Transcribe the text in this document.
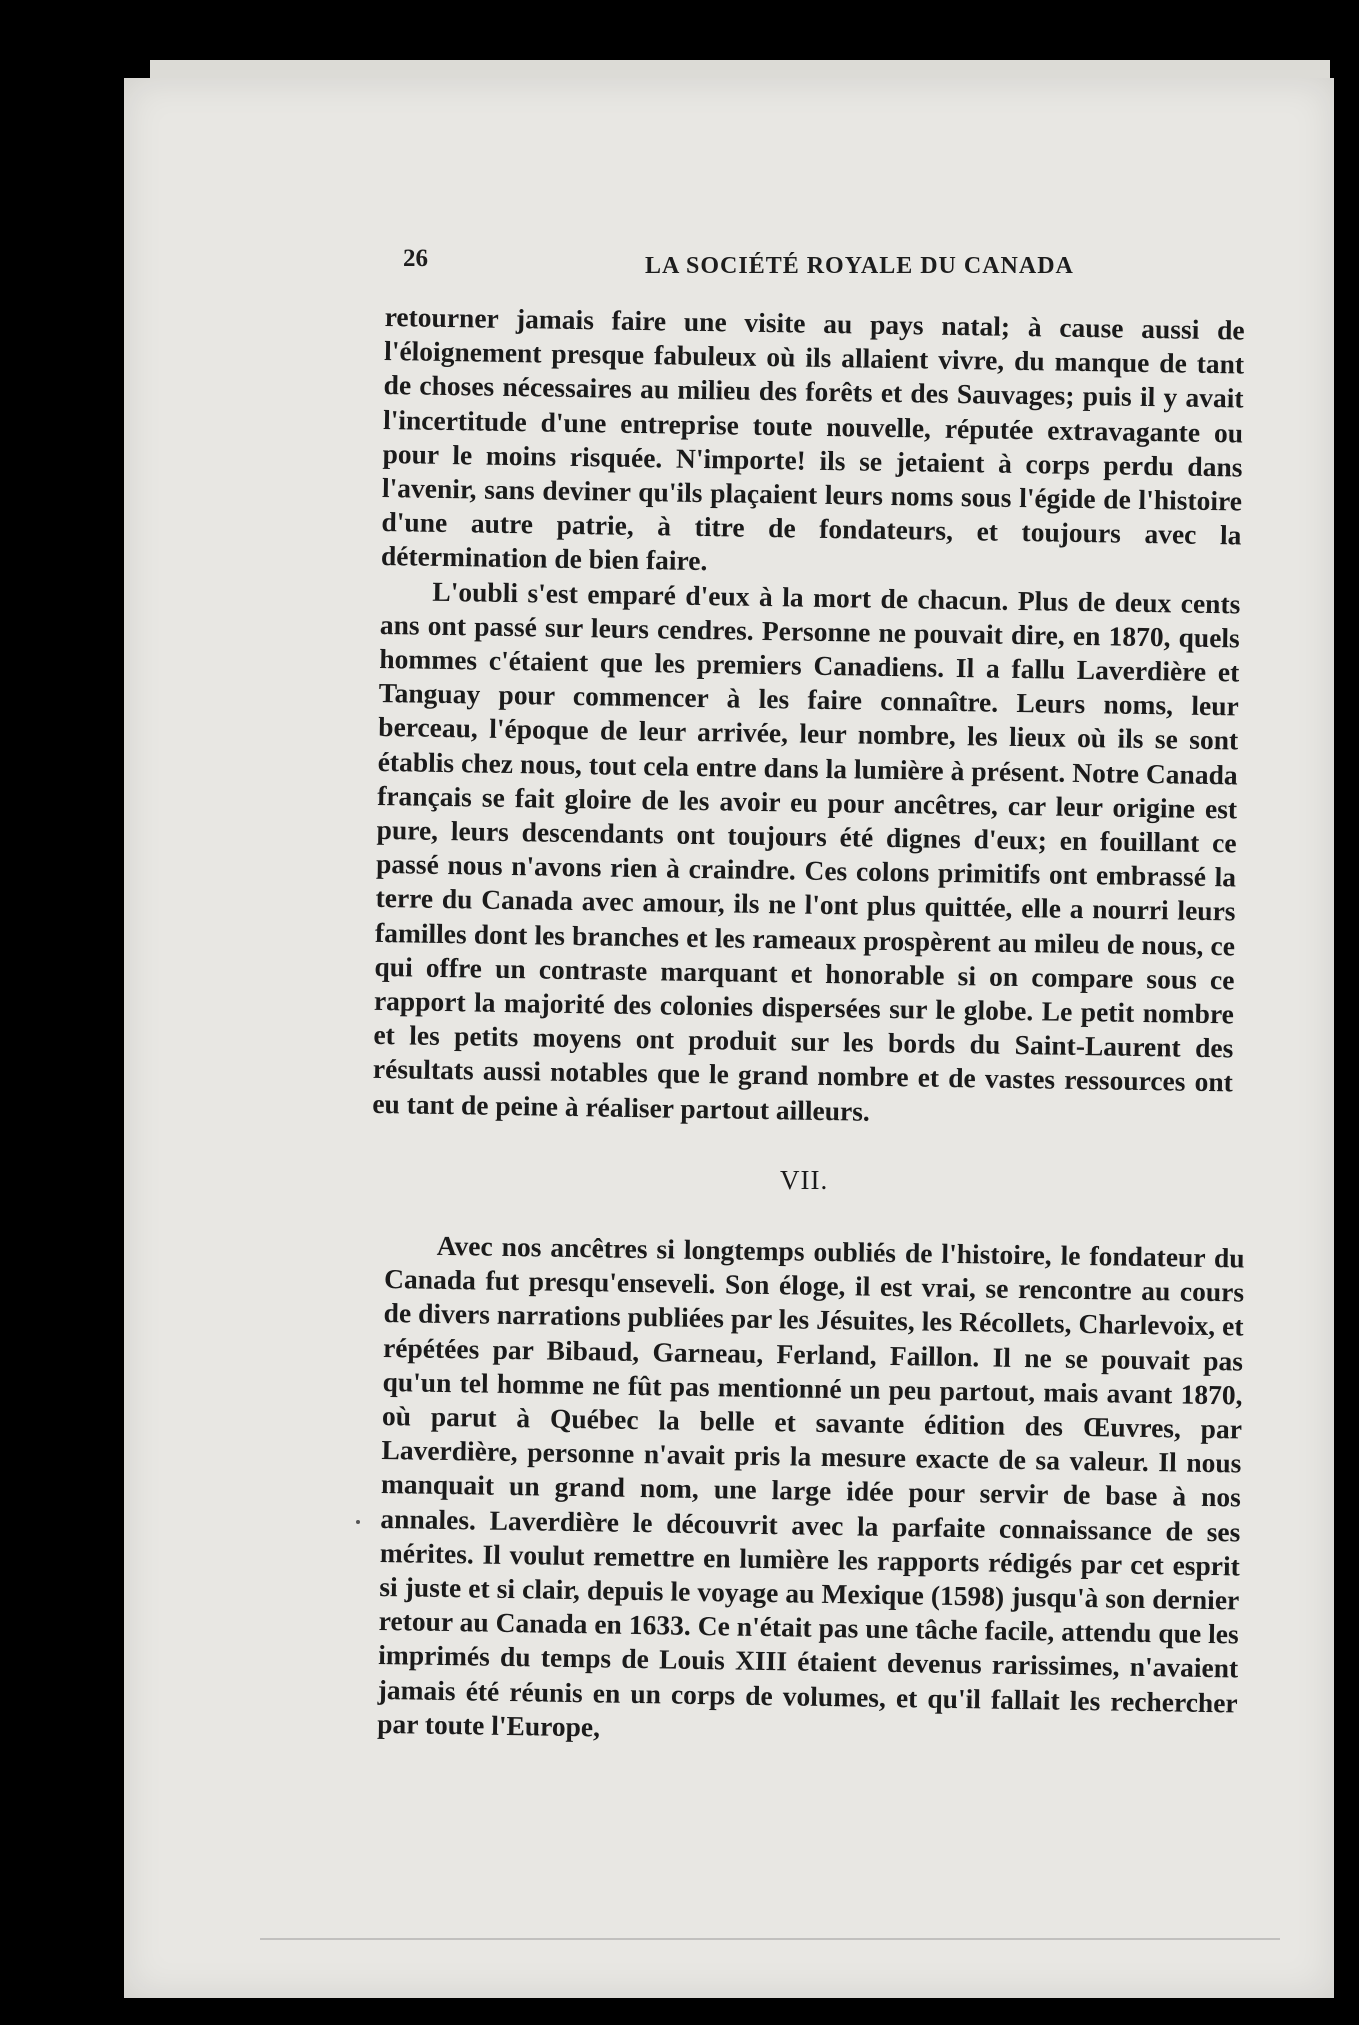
26	LA SOCIÉTÉ ROYALE DU CANADA

retourner jamais faire une visite au pays natal; à cause aussi de l'éloignement presque fabuleux où ils allaient vivre, du manque de tant de choses nécessaires au milieu des forêts et des Sauvages; puis il y avait l'incertitude d'une entreprise toute nouvelle, réputée extravagante ou pour le moins risquée. N'importe! ils se jetaient à corps perdu dans l'avenir, sans deviner qu'ils plaçaient leurs noms sous l'égide de l'histoire d'une autre patrie, à titre de fondateurs, et toujours avec la détermination de bien faire.

L'oubli s'est emparé d'eux à la mort de chacun. Plus de deux cents ans ont passé sur leurs cendres. Personne ne pouvait dire, en 1870, quels hommes c'étaient que les premiers Canadiens. Il a fallu Laverdière et Tanguay pour commencer à les faire connaître. Leurs noms, leur berceau, l'époque de leur arrivée, leur nombre, les lieux où ils se sont établis chez nous, tout cela entre dans la lumière à présent. Notre Canada français se fait gloire de les avoir eu pour ancêtres, car leur origine est pure, leurs descendants ont toujours été dignes d'eux; en fouillant ce passé nous n'avons rien à craindre. Ces colons primitifs ont embrassé la terre du Canada avec amour, ils ne l'ont plus quittée, elle a nourri leurs familles dont les branches et les rameaux prospèrent au mileu de nous, ce qui offre un contraste marquant et honorable si on compare sous ce rapport la majorité des colonies dispersées sur le globe. Le petit nombre et les petits moyens ont produit sur les bords du Saint-Laurent des résultats aussi notables que le grand nombre et de vastes ressources ont eu tant de peine à réaliser partout ailleurs.

VII.

Avec nos ancêtres si longtemps oubliés de l'histoire, le fondateur du Canada fut presqu'enseveli. Son éloge, il est vrai, se rencontre au cours de divers narrations publiées par les Jésuites, les Récollets, Charlevoix, et répétées par Bibaud, Garneau, Ferland, Faillon. Il ne se pouvait pas qu'un tel homme ne fût pas mentionné un peu partout, mais avant 1870, où parut à Québec la belle et savante édition des Œuvres, par Laverdière, personne n'avait pris la mesure exacte de sa valeur. Il nous manquait un grand nom, une large idée pour servir de base à nos annales. Laverdière le découvrit avec la parfaite connaissance de ses mérites. Il voulut remettre en lumière les rapports rédigés par cet esprit si juste et si clair, depuis le voyage au Mexique (1598) jusqu'à son dernier retour au Canada en 1633. Ce n'était pas une tâche facile, attendu que les imprimés du temps de Louis XIII étaient devenus rarissimes, n'avaient jamais été réunis en un corps de volumes, et qu'il fallait les rechercher par toute l'Europe,
